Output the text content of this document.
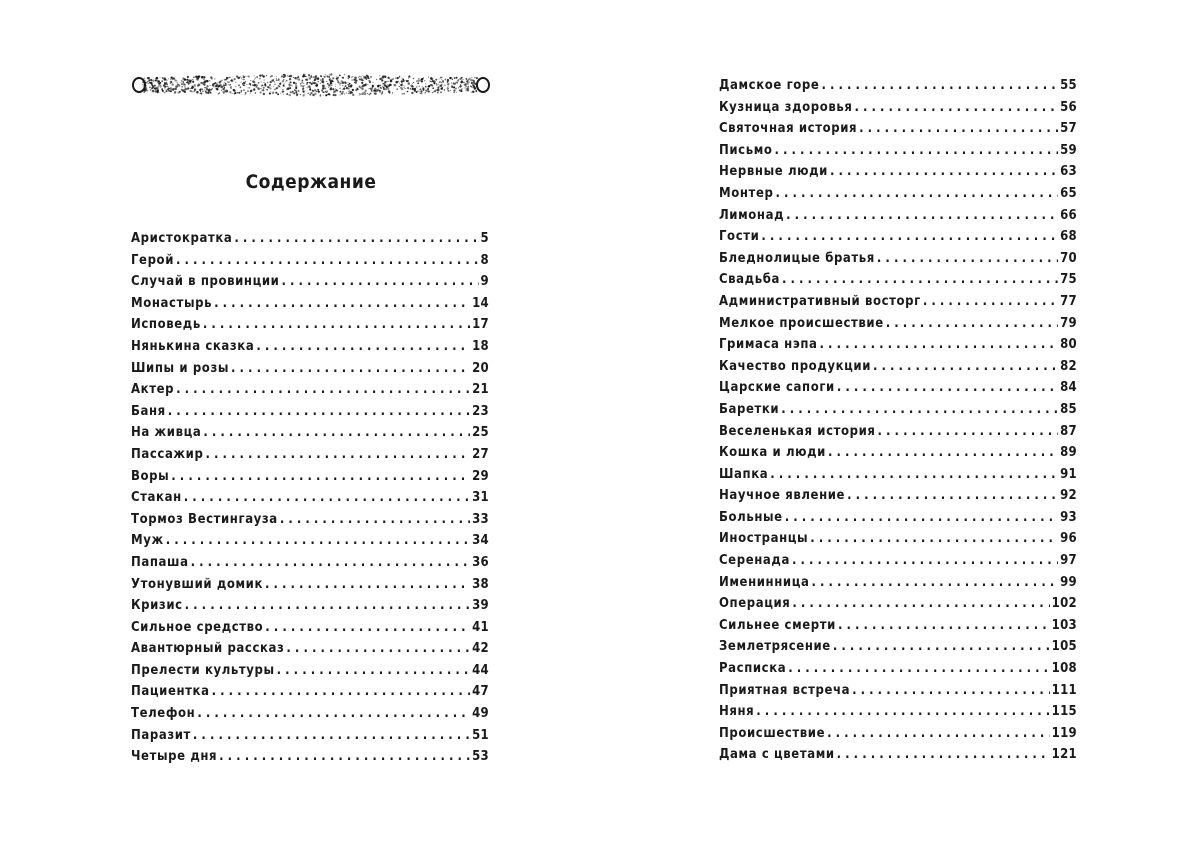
Содержание
Аристократка . . .	5
Герой . . .	8
Случай в провинции . . .	9
Монастырь . . .	14
Исповедь . . .	17
Нянькина сказка . . .	18
Шипы и розы . . .	20
Актер . . .	21
Баня . . .	23
На живца . . .	25
Пассажир . . .	27
Воры . . .	29
Стакан . . .	31
Тормоз Вестингауза . . .	33
Муж . . .	34
Папаша . . .	36
Утонувший домик . . .	38
Кризис . . .	39
Сильное средство . . .	41
Авантюрный рассказ . . .	42
Прелести культуры . . .	44
Пациентка . . .	47
Телефон . . .	49
Паразит . . .	51
Четыре дня . . .	53
Дамское горе . . .	55
Кузница здоровья . . .	56
Святочная история . . .	57
Письмо . . .	59
Нервные люди . . .	63
Монтер . . .	65
Лимонад . . .	66
Гости . . .	68
Бледнолицые братья . . .	70
Свадьба . . .	75
Административный восторг . . .	77
Мелкое происшествие . . .	79
Гримаса нэпа . . .	80
Качество продукции . . .	82
Царские сапоги . . .	84
Баретки . . .	85
Веселенькая история . . .	87
Кошка и люди . . .	89
Шапка . . .	91
Научное явление . . .	92
Больные . . .	93
Иностранцы . . .	96
Серенада . . .	97
Именинница . . .	99
Операция . . .	102
Сильнее смерти . . .	103
Землетрясение . . .	105
Расписка . . .	108
Приятная встреча . . .	111
Няня . . .	115
Происшествие . . .	119
Дама с цветами . . .	121
